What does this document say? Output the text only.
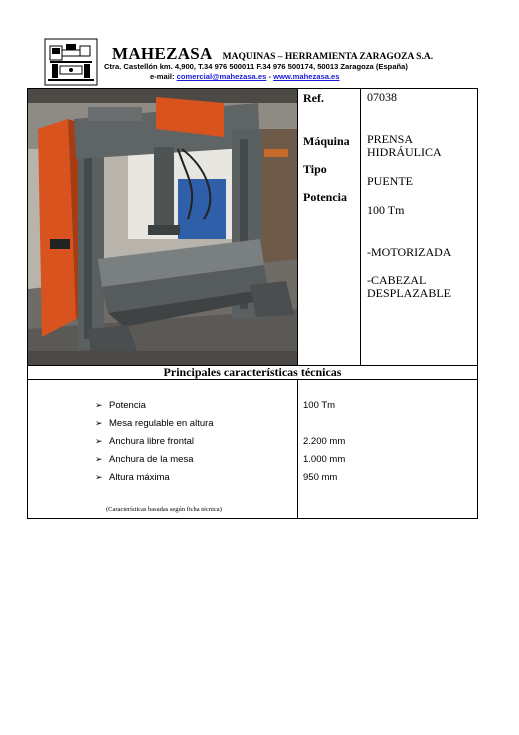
MAHEZASA MAQUINAS – HERRAMIENTA ZARAGOZA S.A.
Ctra. Castellón km. 4,900, T.34 976 500011 F.34 976 500174, 50013 Zaragoza (España)
e-mail: comercial@mahezasa.es - www.mahezasa.es
Ref.
Máquina
Tipo
Potencia
07038
PRENSA
HIDRÁULICA
PUENTE
100 Tm
-MOTORIZADA
-CABEZAL
DESPLAZABLE
Principales características técnicas
➢ Potencia
➢ Mesa regulable en altura
➢ Anchura libre frontal
➢ Anchura de la mesa
➢ Altura máxima
(Características basadas según ficha técnica)
100 Tm
2.200 mm
1.000 mm
950 mm
